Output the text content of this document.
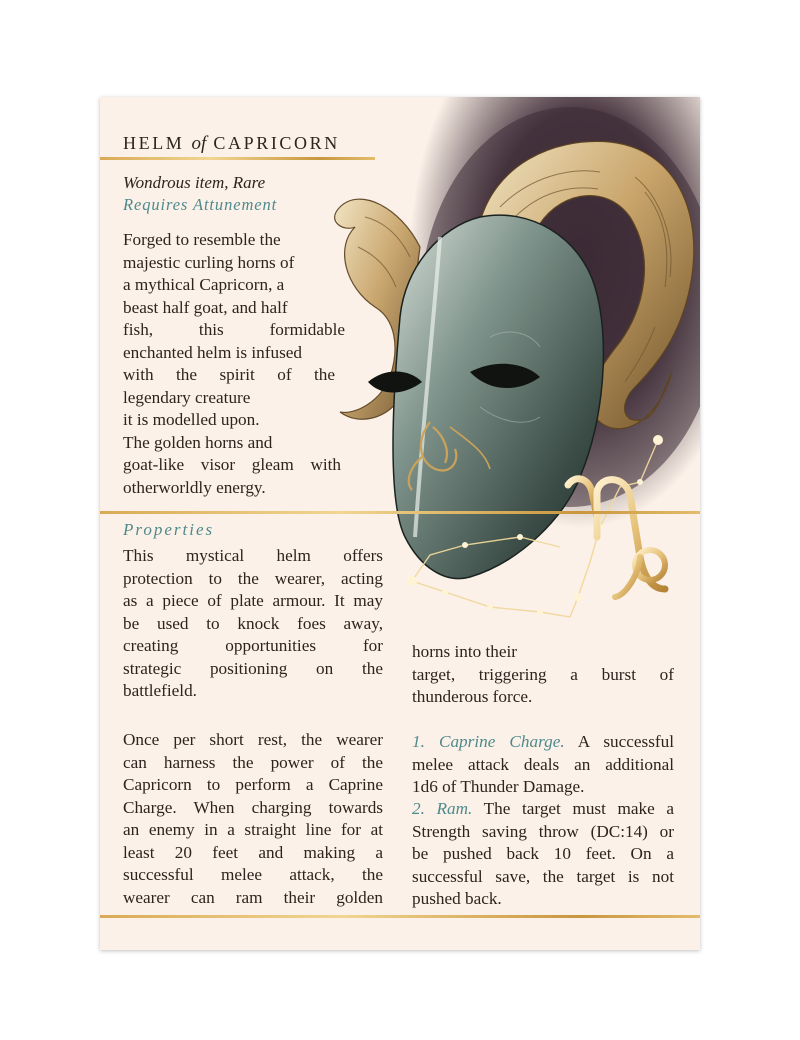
HELM of CAPRICORN
Wondrous item, Rare
Requires Attunement
Forged to resemble the
majestic curling horns of
a mythical Capricorn, a
beast half goat, and half
fish, this formidable
enchanted helm is infused
with the spirit of the
legendary creature
it is modelled upon.
The golden horns and
goat-like visor gleam with
otherworldly energy.
Properties
This mystical helm offers
protection to the wearer, acting
as a piece of plate armour. It may
be used to knock foes away,
creating opportunities for
strategic positioning on the
battlefield.
Once per short rest, the wearer
can harness the power of the
Capricorn to perform a Caprine
Charge. When charging towards
an enemy in a straight line for at
least 20 feet and making a
successful melee attack, the
wearer can ram their golden
horns into their
target, triggering a burst of
thunderous force.
1. Caprine Charge. A successful
melee attack deals an additional
1d6 of Thunder Damage.
2. Ram. The target must make a
Strength saving throw (DC:14) or
be pushed back 10 feet. On a
successful save, the target is not
pushed back.
